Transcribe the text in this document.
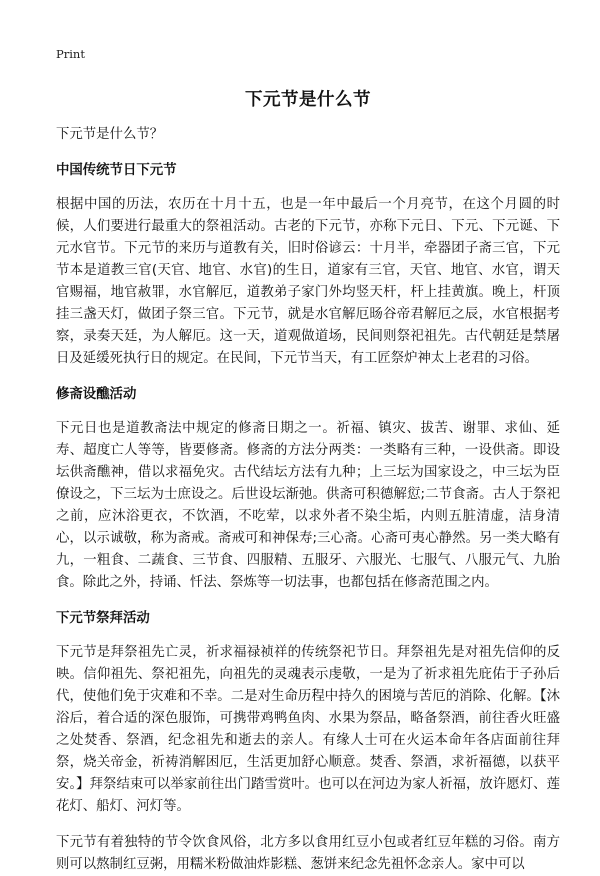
Print
下元节是什么节
下元节是什么节？
中国传统节日下元节
根据中国的历法，农历在十月十五，也是一年中最后一个月亮节，在这个月圆的时候，人们要进行最重大的祭祖活动。古老的下元节，亦称下元日、下元、下元诞、下元水官节。下元节的来历与道教有关，旧时俗谚云：十月半，牵器团子斋三官，下元节本是道教三官(天官、地官、水官)的生日，道家有三官，天官、地官、水官，谓天官赐福，地官赦罪，水官解厄，道教弟子家门外均竖天杆，杆上挂黄旗。晚上，杆顶挂三盏天灯，做团子祭三官。下元节，就是水官解厄旸谷帝君解厄之辰，水官根据考察，录奏天廷，为人解厄。这一天，道观做道场，民间则祭祀祖先。古代朝廷是禁屠日及延缓死执行日的规定。在民间，下元节当天，有工匠祭炉神太上老君的习俗。
修斋设醮活动
下元日也是道教斋法中规定的修斋日期之一。祈福、镇灾、拔苦、谢罪、求仙、延寿、超度亡人等等，皆要修斋。修斋的方法分两类：一类略有三种，一设供斋。即设坛供斋醮神，借以求福免灾。古代结坛方法有九种；上三坛为国家设之，中三坛为臣僚设之，下三坛为士庶设之。后世设坛渐弛。供斋可积德解愆;二节食斋。古人于祭祀之前，应沐浴更衣，不饮酒，不吃荤，以求外者不染尘垢，内则五脏清虚，洁身清心，以示诚敬，称为斋戒。斋戒可和神保寿;三心斋。心斋可夷心静然。另一类大略有九，一粗食、二蔬食、三节食、四服精、五服牙、六服光、七服气、八服元气、九胎食。除此之外，持诵、忏法、祭炼等一切法事，也都包括在修斋范围之内。
下元节祭拜活动
下元节是拜祭祖先亡灵，祈求福禄祯祥的传统祭祀节日。拜祭祖先是对祖先信仰的反映。信仰祖先、祭祀祖先，向祖先的灵魂表示虔敬，一是为了祈求祖先庇佑于子孙后代，使他们免于灾难和不幸。二是对生命历程中持久的困境与苦厄的消除、化解。【沐浴后，着合适的深色服饰，可携带鸡鸭鱼肉、水果为祭品，略备祭酒，前往香火旺盛之处焚香、祭酒，纪念祖先和逝去的亲人。有缘人士可在火运本命年各店面前往拜祭，烧关帝金，祈祷消解困厄，生活更加舒心顺意。焚香、祭酒，求祈福德，以获平安。】拜祭结束可以举家前往出门踏雪赏叶。也可以在河边为家人祈福，放许愿灯、莲花灯、船灯、河灯等。
下元节有着独特的节令饮食风俗，北方多以食用红豆小包或者红豆年糕的习俗。南方则可以熬制红豆粥，用糯米粉做油炸影糕、葱饼来纪念先祖怀念亲人。家中可以
